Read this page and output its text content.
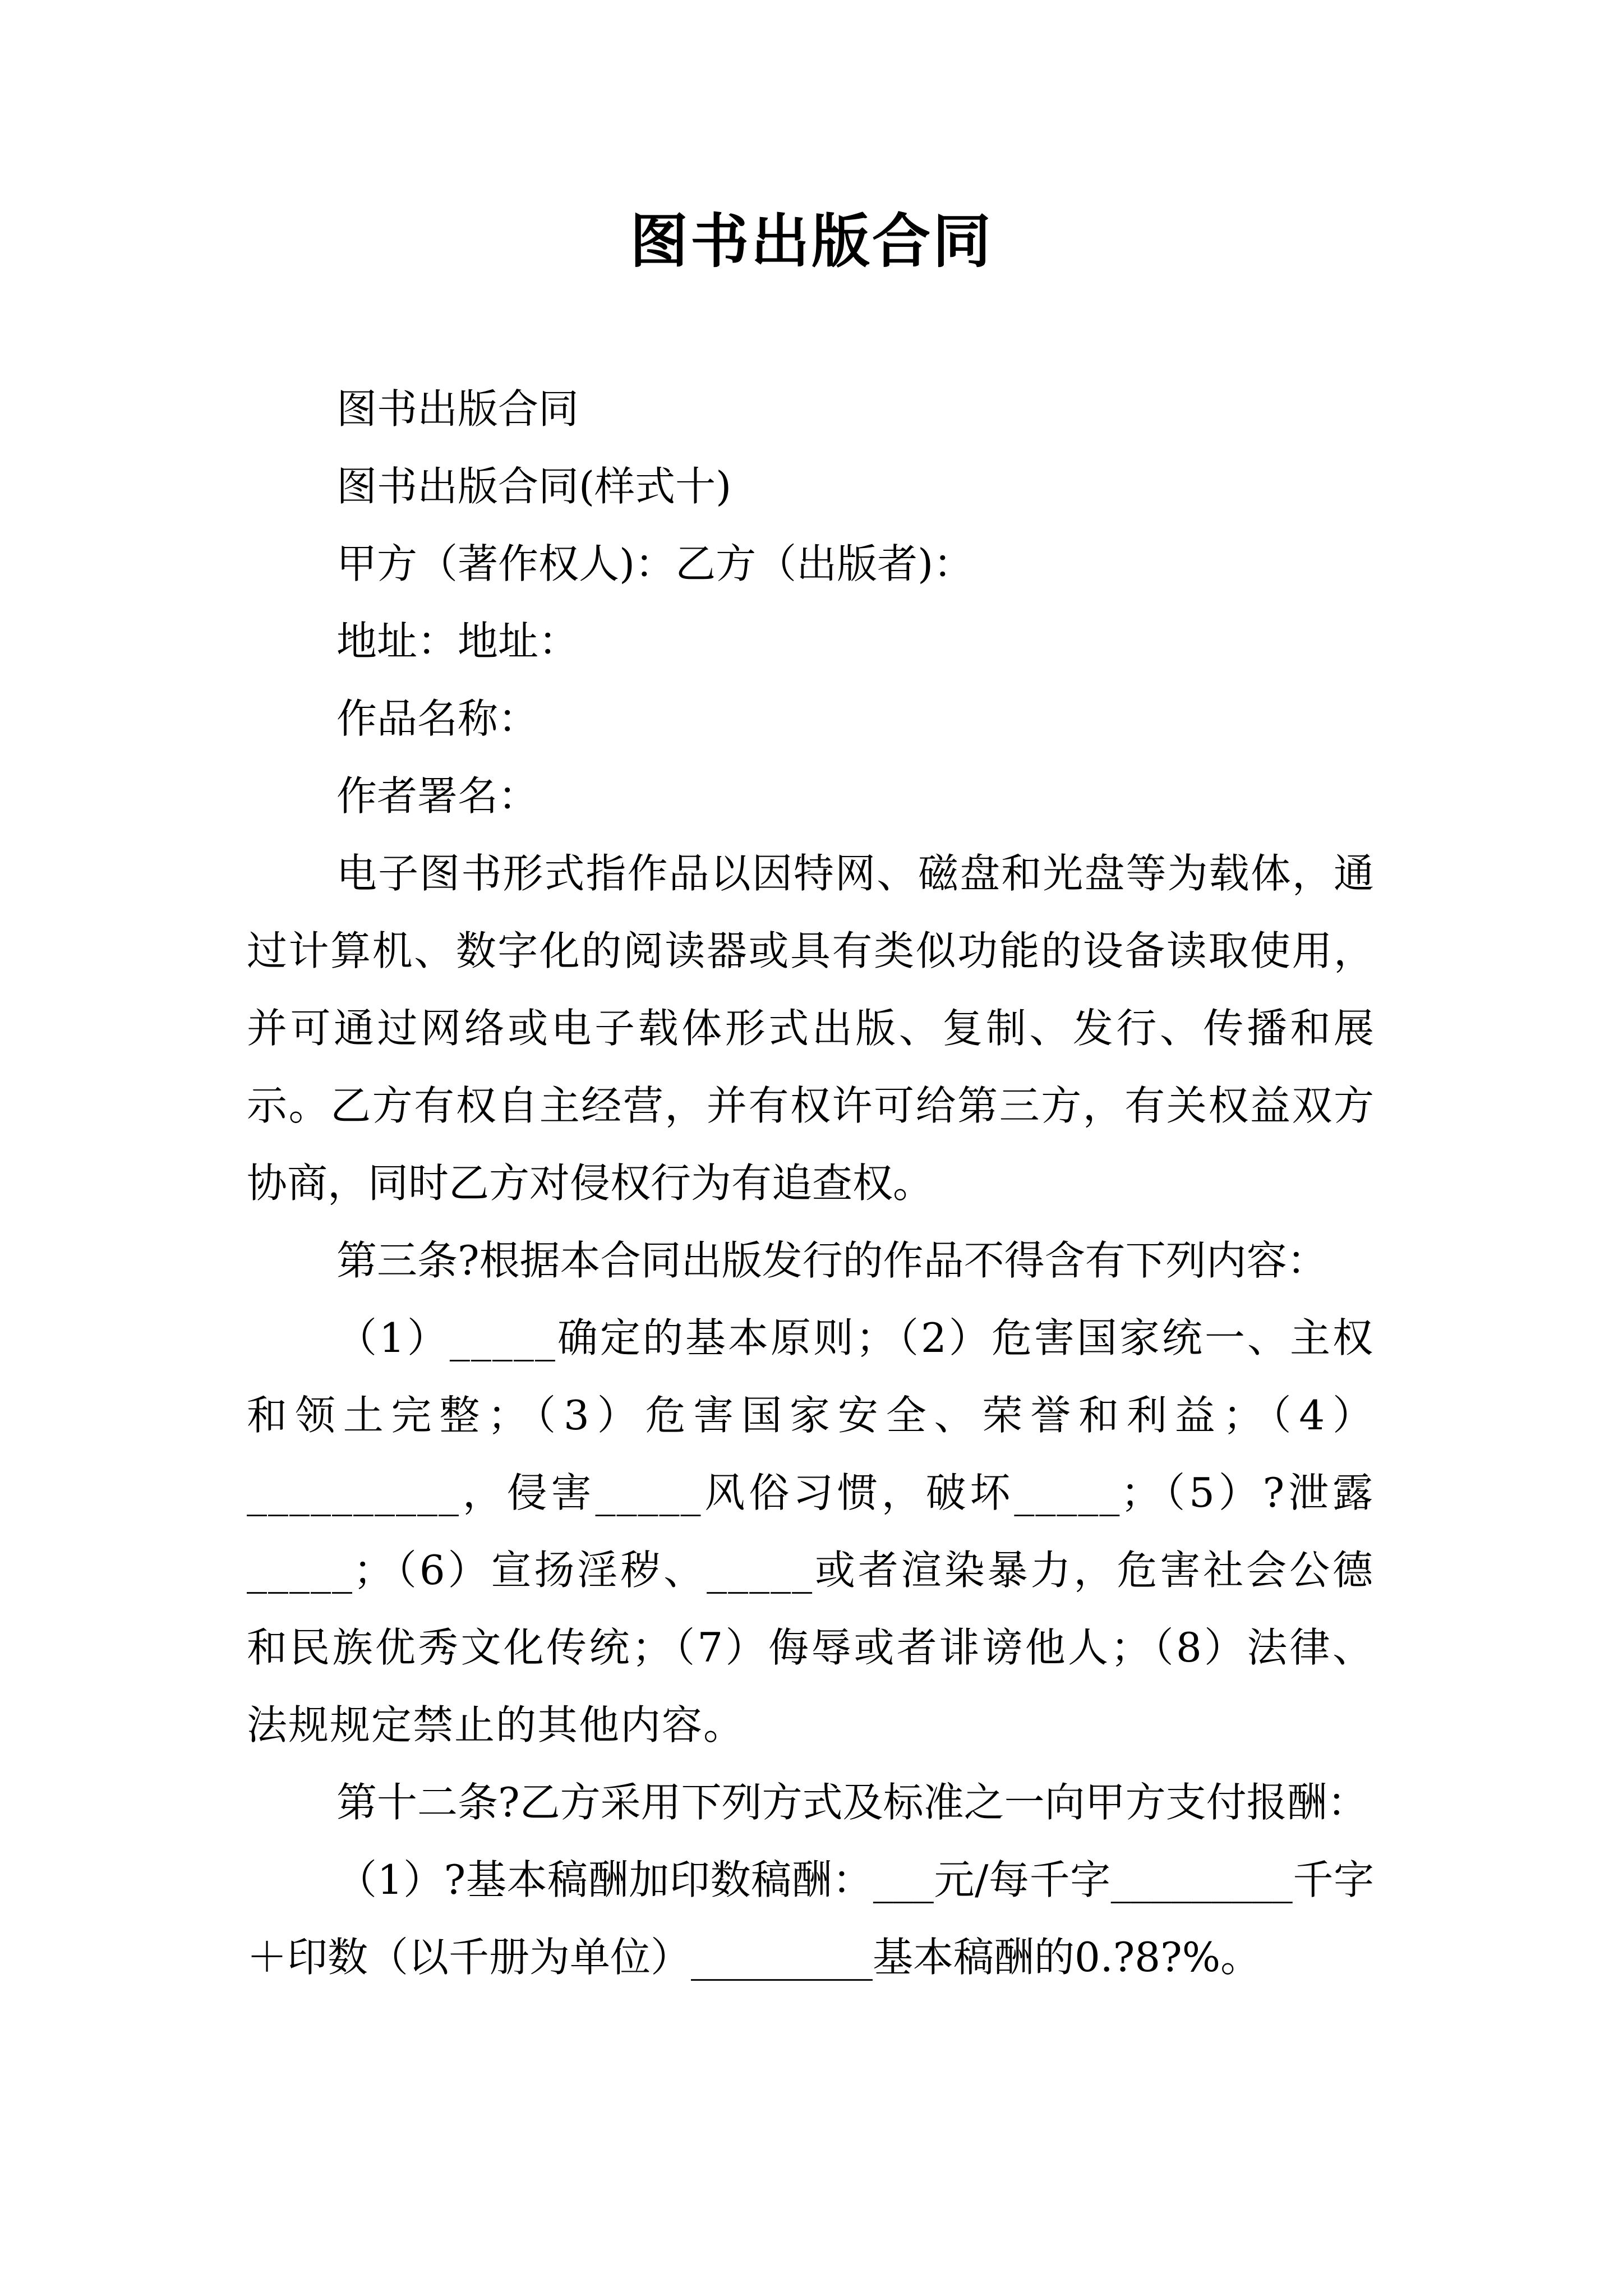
图书出版合同

图书出版合同

图书出版合同(样式十)

甲方（著作权人)：乙方（出版者)：

地址：地址：

作品名称：

作者署名：

电子图书形式指作品以因特网、磁盘和光盘等为载体，通过计算机、数字化的阅读器或具有类似功能的设备读取使用，并可通过网络或电子载体形式出版、复制、发行、传播和展示。乙方有权自主经营，并有权许可给第三方，有关权益双方协商，同时乙方对侵权行为有追查权。

第三条?根据本合同出版发行的作品不得含有下列内容：

（1）_____确定的基本原则；（2）危害国家统一、主权和领土完整；（3）危害国家安全、荣誉和利益；（4）__________，侵害_____风俗习惯，破坏_____；（5）?泄露_____；（6）宣扬淫秽、_____或者渲染暴力，危害社会公德和民族优秀文化传统；（7）侮辱或者诽谤他人；（8）法律、法规规定禁止的其他内容。

第十二条?乙方采用下列方式及标准之一向甲方支付报酬：

（1）?基本稿酬加印数稿酬：___元/每千字_________千字＋印数（以千册为单位）_________基本稿酬的0.?8?%。
